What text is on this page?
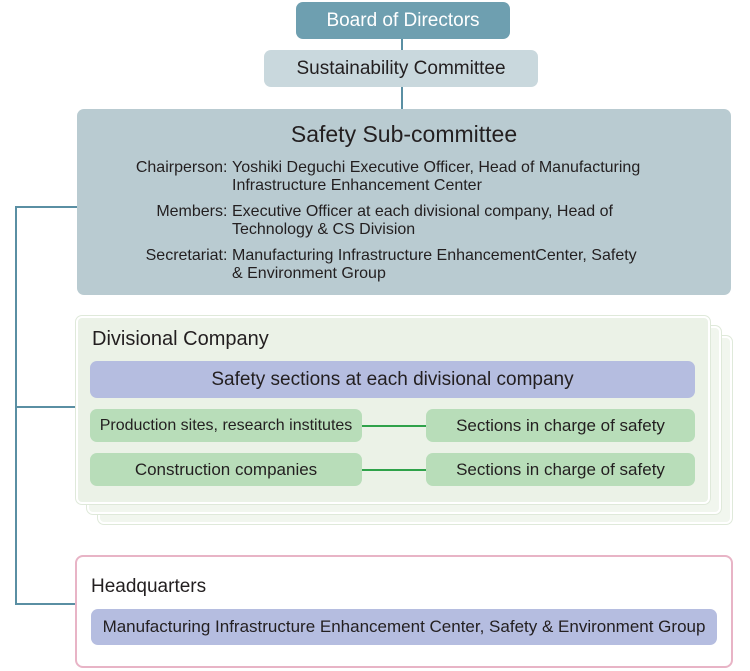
Board of Directors
Sustainability Committee
Safety Sub-committee
Chairperson : Yoshiki Deguchi Executive Officer, Head of Manufacturing
Infrastructure Enhancement Center
Members : Executive Officer at each divisional company, Head of
Technology & CS Division
Secretariat : Manufacturing Infrastructure EnhancementCenter, Safety
& Environment Group
Divisional Company
Safety sections at each divisional company
Production sites, research institutes	Sections in charge of safety
Construction companies	Sections in charge of safety
Headquarters
Manufacturing Infrastructure Enhancement Center, Safety & Environment Group
